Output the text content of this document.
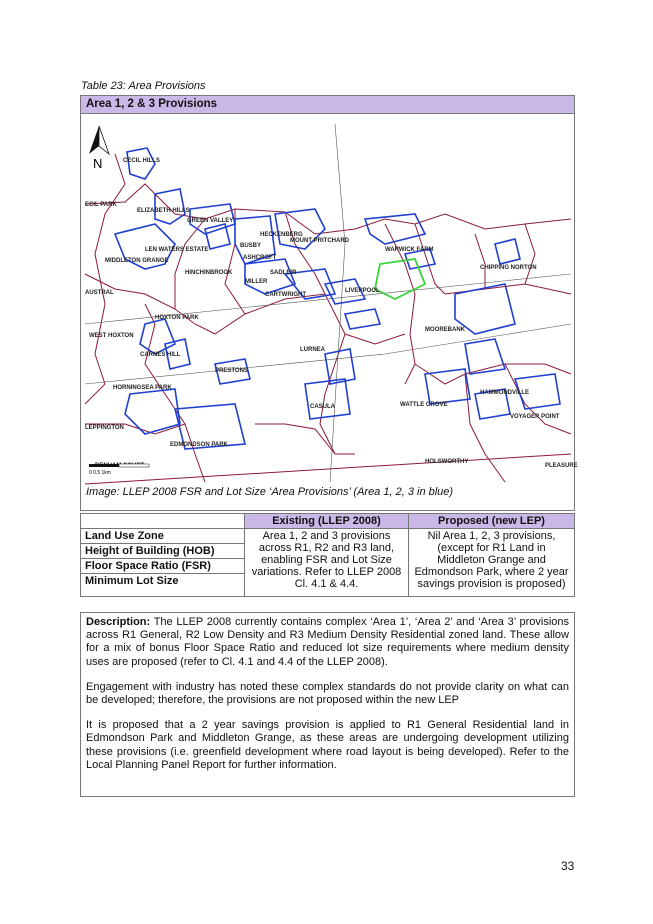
Table 23: Area Provisions
Area 1, 2 & 3 Provisions
N	CECIL HILLS
ECIL PARK
ELIZABETH HILLS
GREEN VALLEY
BUSBY
ASHCROFT
HECKENBERG
MOUNT PRITCHARD
WARWICK FARM
CHIPPING NORTON
MIDDLETON GRANGE
HINCHINBROOK
CARTWRIGHT
SADLEIR
MILLER
LIVERPOOL
HOXTON PARK
WEST HOXTON
MOOREBANK
LURNEA
CARNES HILL
PRESTONS
HORNINGSEA PARK
HAMMONDVILLE
CASULA	WATTLE GROVE
VOYAGER POINT
LEPPINGTON
EDMONDSON PARK
HOLSWORTHY
PLEASURE
AUSTRAL
LEN WATERS ESTATE
0 0.5 1km
Image: LLEP 2008 FSR and Lot Size ‘Area Provisions’ (Area 1, 2, 3 in blue)
	Existing (LLEP 2008)	Proposed (new LEP)
Land Use Zone	Area 1, 2 and 3 provisions across R1, R2 and R3 land, enabling FSR and Lot Size variations. Refer to LLEP 2008 Cl. 4.1 & 4.4.	Nil Area 1, 2, 3 provisions, (except for R1 Land in Middleton Grange and Edmondson Park, where 2 year savings provision is proposed)
Height of Building (HOB)		
Floor Space Ratio (FSR)		
Minimum Lot Size		

Description: The LLEP 2008 currently contains complex ‘Area 1’, ‘Area 2’ and ‘Area 3’ provisions across R1 General, R2 Low Density and R3 Medium Density Residential zoned land. These allow for a mix of bonus Floor Space Ratio and reduced lot size requirements where medium density uses are proposed (refer to Cl. 4.1 and 4.4 of the LLEP 2008).

Engagement with industry has noted these complex standards do not provide clarity on what can be developed; therefore, the provisions are not proposed within the new LEP

It is proposed that a 2 year savings provision is applied to R1 General Residential land in Edmondson Park and Middleton Grange, as these areas are undergoing development utilizing these provisions (i.e. greenfield development where road layout is being developed). Refer to the Local Planning Panel Report for further information.

33
